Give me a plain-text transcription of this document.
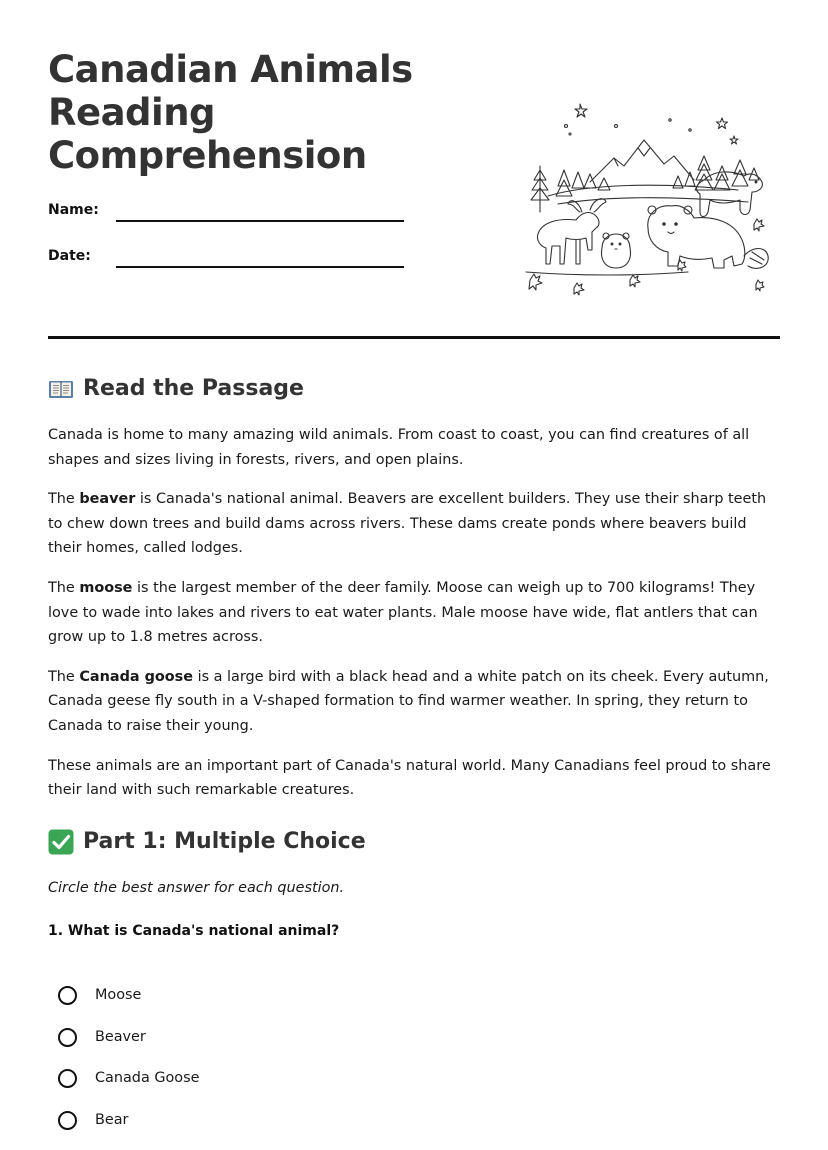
Canadian Animals
Reading
Comprehension
Name:
Date:
Read the Passage

Canada is home to many amazing wild animals. From coast to coast, you can find creatures of all shapes and sizes living in forests, rivers, and open plains.

The beaver is Canada's national animal. Beavers are excellent builders. They use their sharp teeth to chew down trees and build dams across rivers. These dams create ponds where beavers build their homes, called lodges.

The moose is the largest member of the deer family. Moose can weigh up to 700 kilograms! They love to wade into lakes and rivers to eat water plants. Male moose have wide, flat antlers that can grow up to 1.8 metres across.

The Canada goose is a large bird with a black head and a white patch on its cheek. Every autumn, Canada geese fly south in a V-shaped formation to find warmer weather. In spring, they return to Canada to raise their young.

These animals are an important part of Canada's natural world. Many Canadians feel proud to share their land with such remarkable creatures.

Part 1: Multiple Choice
Circle the best answer for each question.
1. What is Canada's national animal?
Moose
Beaver
Canada Goose
Bear
